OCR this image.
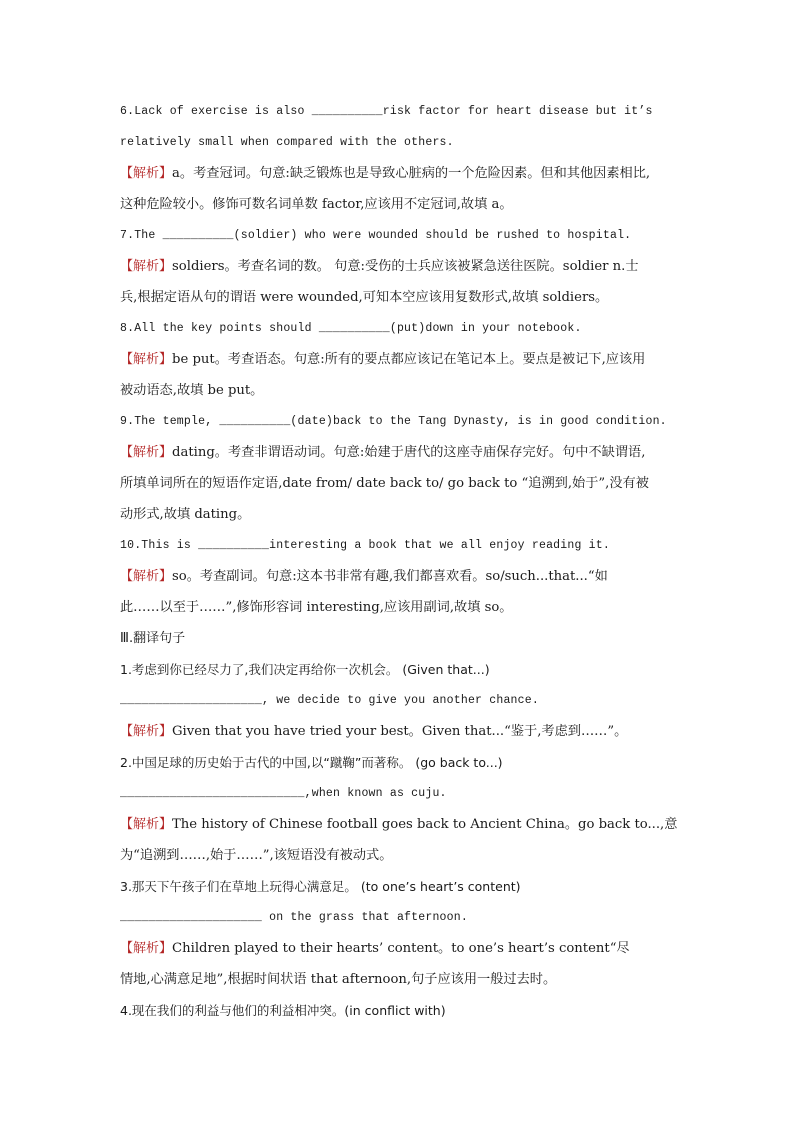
6.Lack of exercise is also __________risk factor for heart disease but it’s
relatively small when compared with the others.
【解析】a。考查冠词。句意:缺乏锻炼也是导致心脏病的一个危险因素。但和其他因素相比,
这种危险较小。修饰可数名词单数 factor,应该用不定冠词,故填 a。
7.The __________(soldier) who were wounded should be rushed to hospital.
【解析】soldiers。考查名词的数。 句意:受伤的士兵应该被紧急送往医院。soldier n.士
兵,根据定语从句的谓语 were wounded,可知本空应该用复数形式,故填 soldiers。
8.All the key points should __________(put)down in your notebook.
【解析】be put。考查语态。句意:所有的要点都应该记在笔记本上。要点是被记下,应该用
被动语态,故填 be put。
9.The temple, __________(date)back to the Tang Dynasty, is in good condition.
【解析】dating。考查非谓语动词。句意:始建于唐代的这座寺庙保存完好。句中不缺谓语,
所填单词所在的短语作定语,date from/ date back to/ go back to “追溯到,始于”,没有被
动形式,故填 dating。
10.This is __________interesting a book that we all enjoy reading it.
【解析】so。考查副词。句意:这本书非常有趣,我们都喜欢看。so/such...that...“如
此……以至于……”,修饰形容词 interesting,应该用副词,故填 so。
Ⅲ.翻译句子
1.考虑到你已经尽力了,我们决定再给你一次机会。 (Given that...)
____________________, we decide to give you another chance.
【解析】Given that you have tried your best。Given that...“鉴于,考虑到……”。
2.中国足球的历史始于古代的中国,以“蹴鞠”而著称。 (go back to...)
__________________________,when known as cuju.
【解析】The history of Chinese football goes back to Ancient China。go back to...,意
为“追溯到……,始于……”,该短语没有被动式。
3.那天下午孩子们在草地上玩得心满意足。 (to one’s heart’s content)
____________________ on the grass that afternoon.
【解析】Children played to their hearts’ content。to one’s heart’s content“尽
情地,心满意足地”,根据时间状语 that afternoon,句子应该用一般过去时。
4.现在我们的利益与他们的利益相冲突。(in conflict with)
